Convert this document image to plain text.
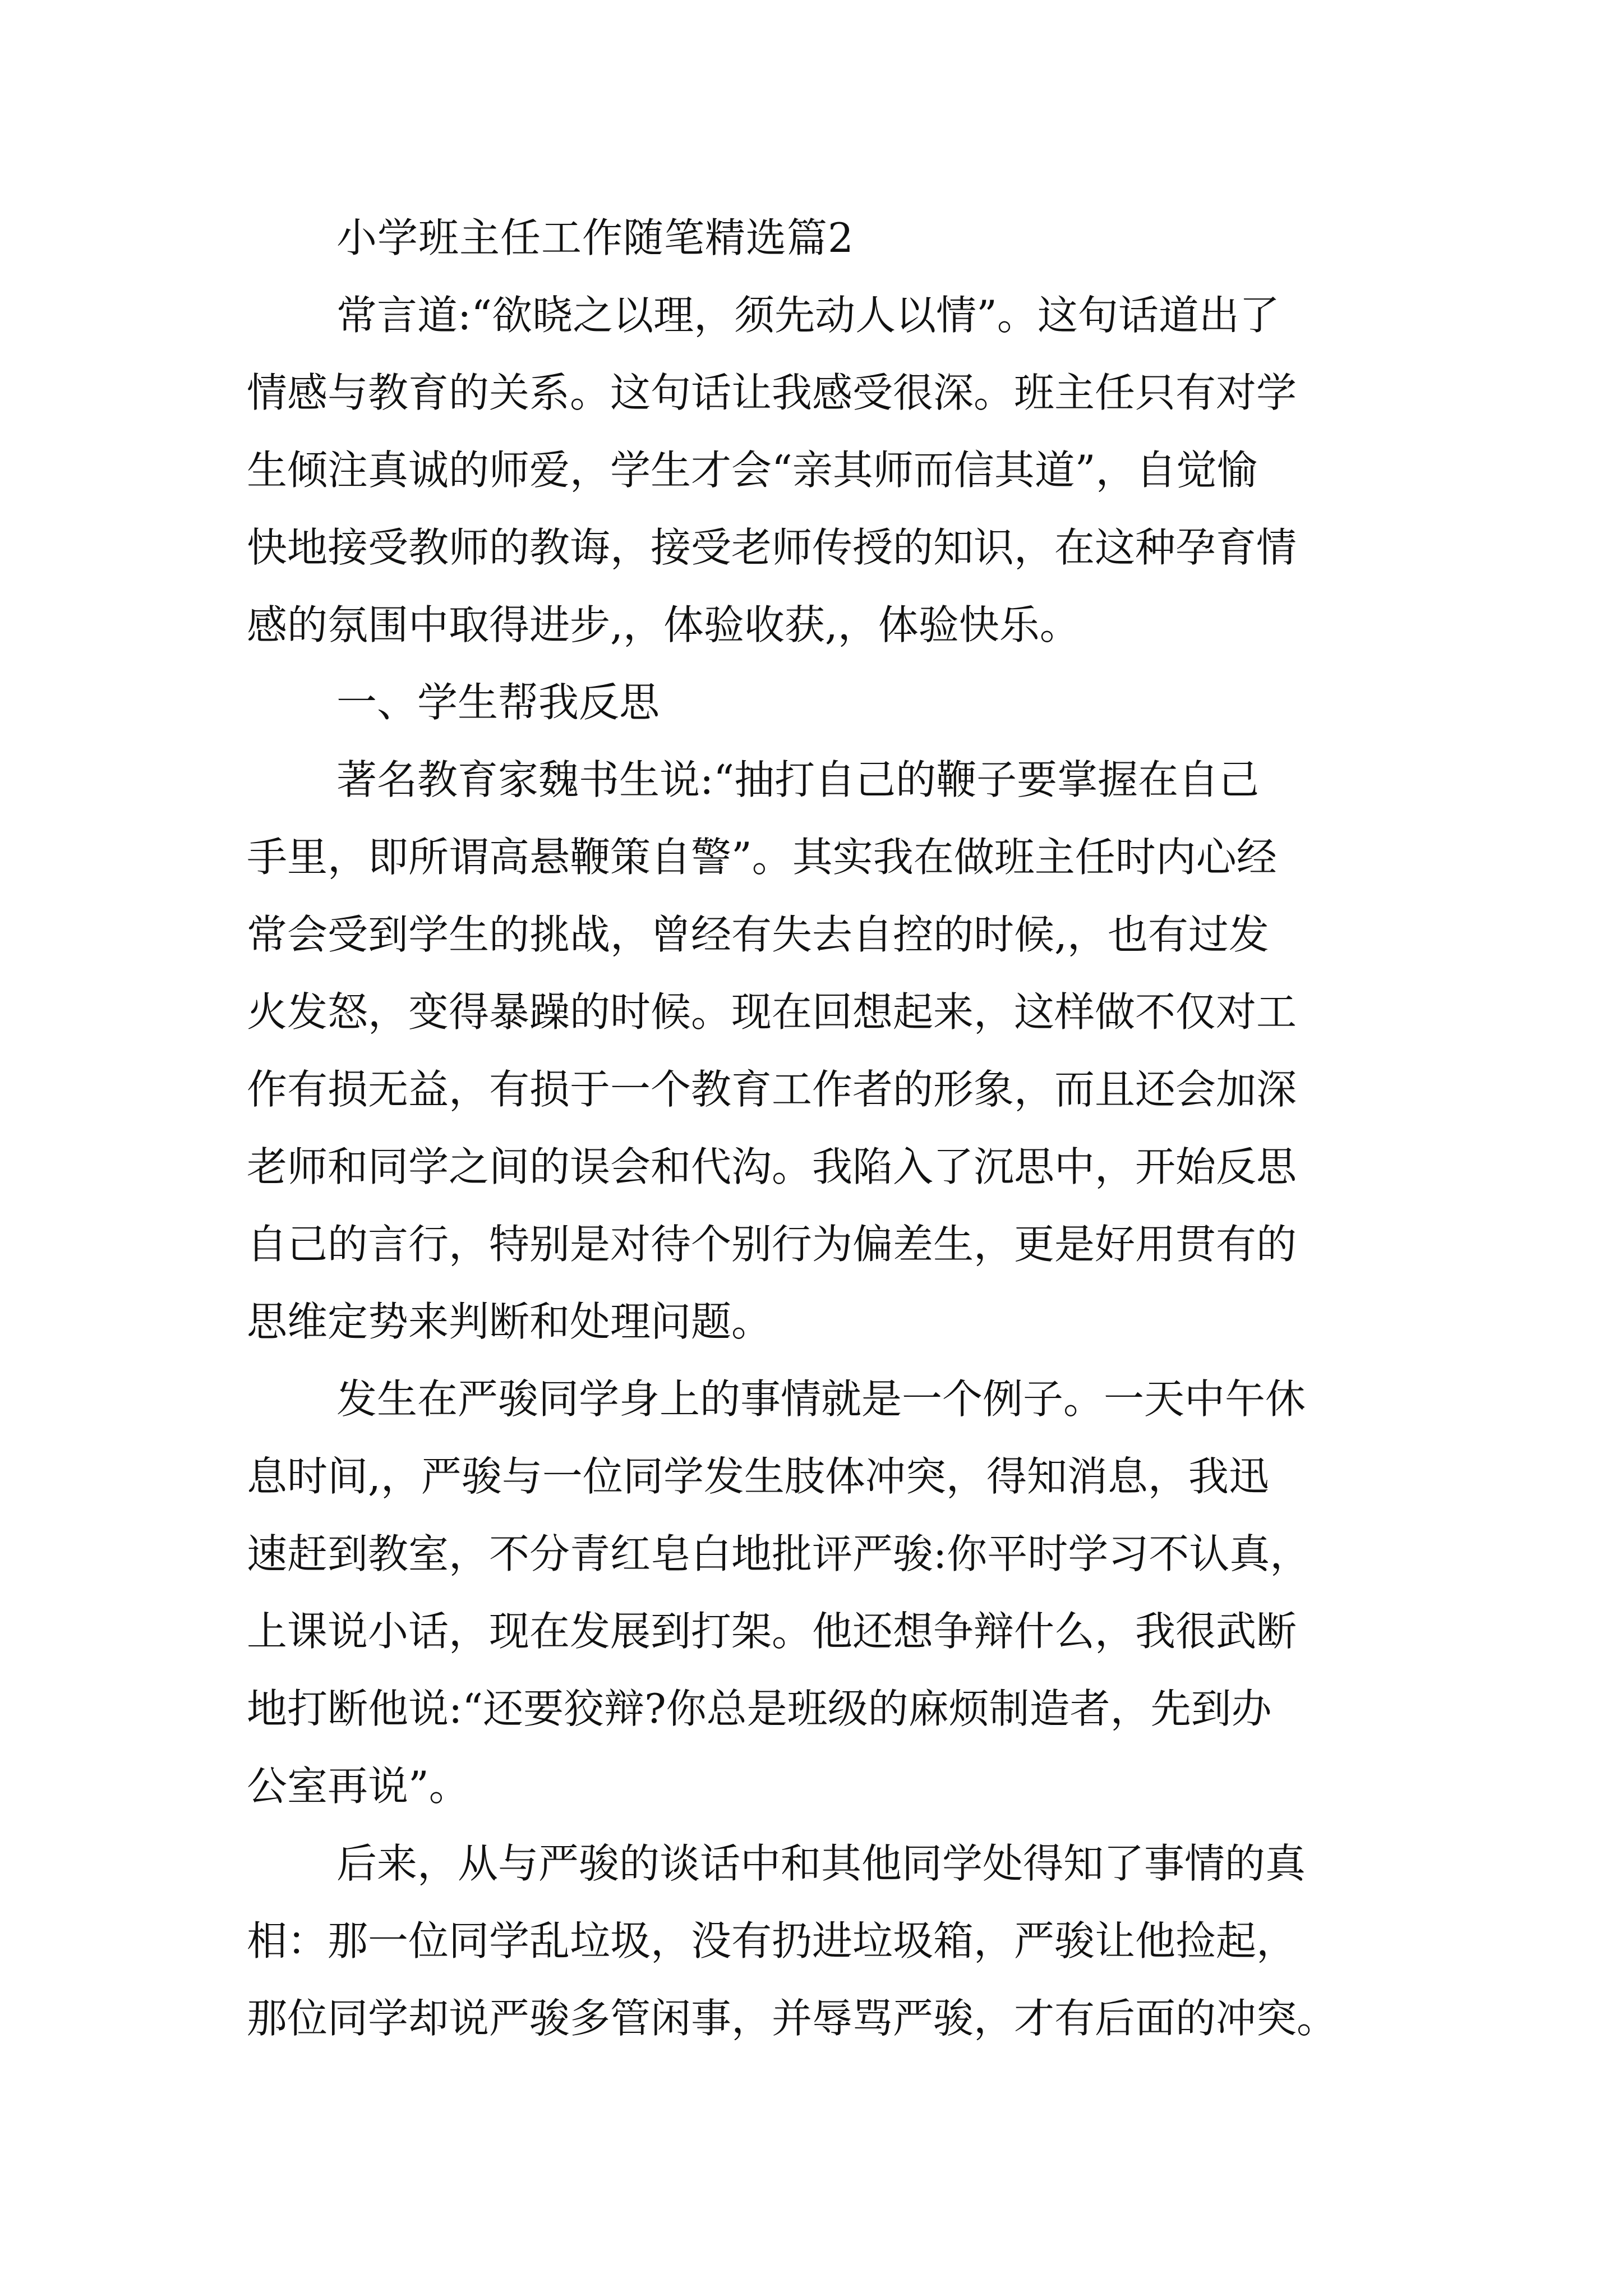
小学班主任工作随笔精选篇2
常言道:“欲晓之以理，须先动人以情”。这句话道出了
情感与教育的关系。这句话让我感受很深。班主任只有对学
生倾注真诚的师爱，学生才会“亲其师而信其道”，自觉愉
快地接受教师的教诲，接受老师传授的知识，在这种孕育情
感的氛围中取得进步,，体验收获,，体验快乐。
一、学生帮我反思
著名教育家魏书生说:“抽打自己的鞭子要掌握在自己
手里，即所谓高悬鞭策自警”。其实我在做班主任时内心经
常会受到学生的挑战，曾经有失去自控的时候,，也有过发
火发怒，变得暴躁的时候。现在回想起来，这样做不仅对工
作有损无益，有损于一个教育工作者的形象，而且还会加深
老师和同学之间的误会和代沟。我陷入了沉思中，开始反思
自己的言行，特别是对待个别行为偏差生，更是好用贯有的
思维定势来判断和处理问题。
发生在严骏同学身上的事情就是一个例子。一天中午休
息时间,，严骏与一位同学发生肢体冲突，得知消息，我迅
速赶到教室，不分青红皂白地批评严骏:你平时学习不认真，
上课说小话，现在发展到打架。他还想争辩什么，我很武断
地打断他说:“还要狡辩?你总是班级的麻烦制造者，先到办
公室再说”。
后来，从与严骏的谈话中和其他同学处得知了事情的真
相：那一位同学乱垃圾，没有扔进垃圾箱，严骏让他捡起，
那位同学却说严骏多管闲事，并辱骂严骏，才有后面的冲突。
